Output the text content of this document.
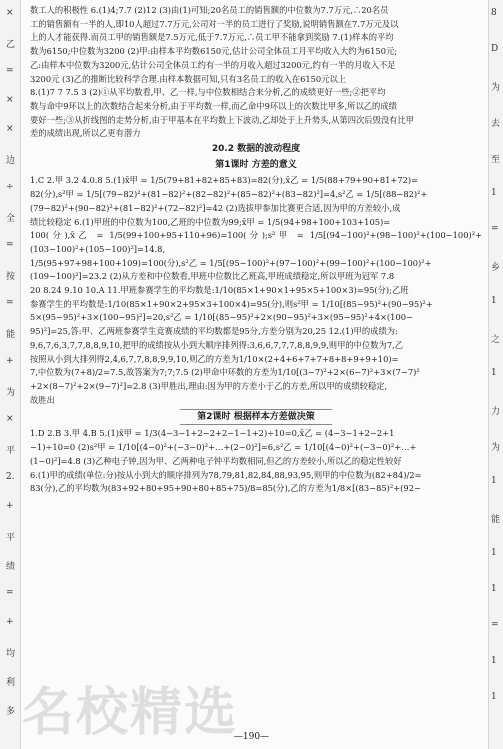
×
乙
=
×
×
边
÷
全
=
按
=
能
+
为
×
平
2.
+
平
绩
=
+
均
利
多
8
D
为
去
至
1
=
乡
1
之
1
力
为
1
能
1
1
=
1
1

数工人的积极性 6.(1)4;7.7 (2)12 (3)由(1)可知;20名员工的销售额的中位数为7.7万元,∴20名员

工的销售额有一半的人,即10人超过7.7万元,公司对一半的员工进行了奖励,说明销售额在7.7万元及以

上的人才能获得.而员工甲的销售额是7.5万元,低于7.7万元,∴员工甲不能拿到奖励 7.(1)样本的平均

数为6150;中位数为3200 (2)甲:由样本平均数6150元,估计公司全体员工月平均收入大约为6150元;

乙:由样本中位数为3200元,估计公司全体员工约有一半的月收入超过3200元,约有一半的月收入不足

3200元 (3)乙的推断比较科学合理.由样本数据可知,只有3名员工的收入在6150元以上

8.(1)7 7 7.5 3 (2)①从平均数看,甲、乙一样,与中位数相结合来分析,乙的成绩更好一些;②把平均

数与命中9环以上的次数结合起来分析,由于平均数一样,而乙命中9环以上的次数比甲多,所以乙的成绩

要好一些;③从折线图的走势分析,由于甲基本在平均数上下波动,乙却处于上升势头,从第四次后毁没有比甲

差的成绩出现,所以乙更有潜力

20.2 数据的波动程度
第1课时 方差的意义

1.C 2.甲 3.2 4.0.8 5.(1)x̄甲 = 1/5(79+81+82+85+83)=82(分),x̄乙 = 1/5(88+79+90+81+72)=

82(分),s²甲 = 1/5[(79−82)²+(81−82)²+(82−82)²+(85−82)²+(83−82)²]=4,s²乙 = 1/5[(88−82)²+

(79−82)²+(90−82)²+(81−82)²+(72−82)²]=42 (2)选拔甲参加比赛更合适,因为甲的方差较小,成

绩比较稳定 6.(1)甲班的中位数为100,乙班的中位数为99;x̄甲 = 1/5(94+98+100+103+105)=

100(分),x̄乙 = 1/5(99+100+95+110+96)=100(分);s²甲 = 1/5[(94−100)²+(98−100)²+(100−100)²+(103−100)²+(105−100)²]=14.8,

1/5(95+97+98+100+109)=100(分),s²乙 = 1/5[(95−100)²+(97−100)²+(99−100)²+(100−100)²+

(109−100)²]=23.2 (2)从方差和中位数看,甲班中位数比乙班高,甲班成绩稳定,所以甲班为冠军 7.8

20 8.24 9.10 10.A 11.甲班参赛学生的平均数是:1/10(85×1+90×1+95×5+100×3)=95(分);乙班

参赛学生的平均数是:1/10(85×1+90×2+95×3+100×4)=95(分),则s²甲 = 1/10[(85−95)²+(90−95)²+

5×(95−95)²+3×(100−95)²]=20,s²乙 = 1/10[(85−95)²+2×(90−95)²+3×(95−95)²+4×(100−

95)²]=25,答:甲、乙两班参赛学生竞赛成绩的平均数都是95分,方差分别为20,25 12.(1)甲的成绩为:

9,6,7,6,3,7,7,8,8,9,10,把甲的成绩按从小到大顺序排列得:3,6,6,7,7,7,8,8,9,9,则甲的中位数为7,乙

按照从小到大排列得2,4,6,7,7,8,8,9,9,10,则乙的方差为1/10×(2+4+6+7+7+8+8+9+9+10)=

7,中位数为(7+8)/2=7.5,故答案为7;7;7.5 (2)甲命中环数的方差为1/10[(3−7)²+2×(6−7)²+3×(7−7)²

+2×(8−7)²+2×(9−7)²]=2.8 (3)甲胜出,理由:因为甲的方差小于乙的方差,所以甲的成绩较稳定,

故胜出

第2课时 根据样本方差做决策

1.D 2.B 3.甲 4.B 5.(1)x̄甲 = 1/3(4−3−1+2−2+2−1−1+2)÷10=0,x̄乙 = (4−3−1+2−2+1

−1)÷10=0 (2)s²甲 = 1/10[(4−0)²+(−3−0)²+…+(2−0)²]=6,s²乙 = 1/10[(4−0)²+(−3−0)²+…+

(1−0)²]=4.8 (3)乙种电子钟,因为甲、乙两种电子钟平均数相同,但乙的方差较小,所以乙的稳定性较好

6.(1)甲的成绩(单位:分)按从小到大的顺序排列为78,79,81,82,84,88,93,95,则甲的中位数为(82+84)/2=

83(分),乙的平均数为(83+92+80+95+90+80+85+75)/8=85(分),乙的方差为1/8×[(83−85)²+(92−

名校精选
—190—
